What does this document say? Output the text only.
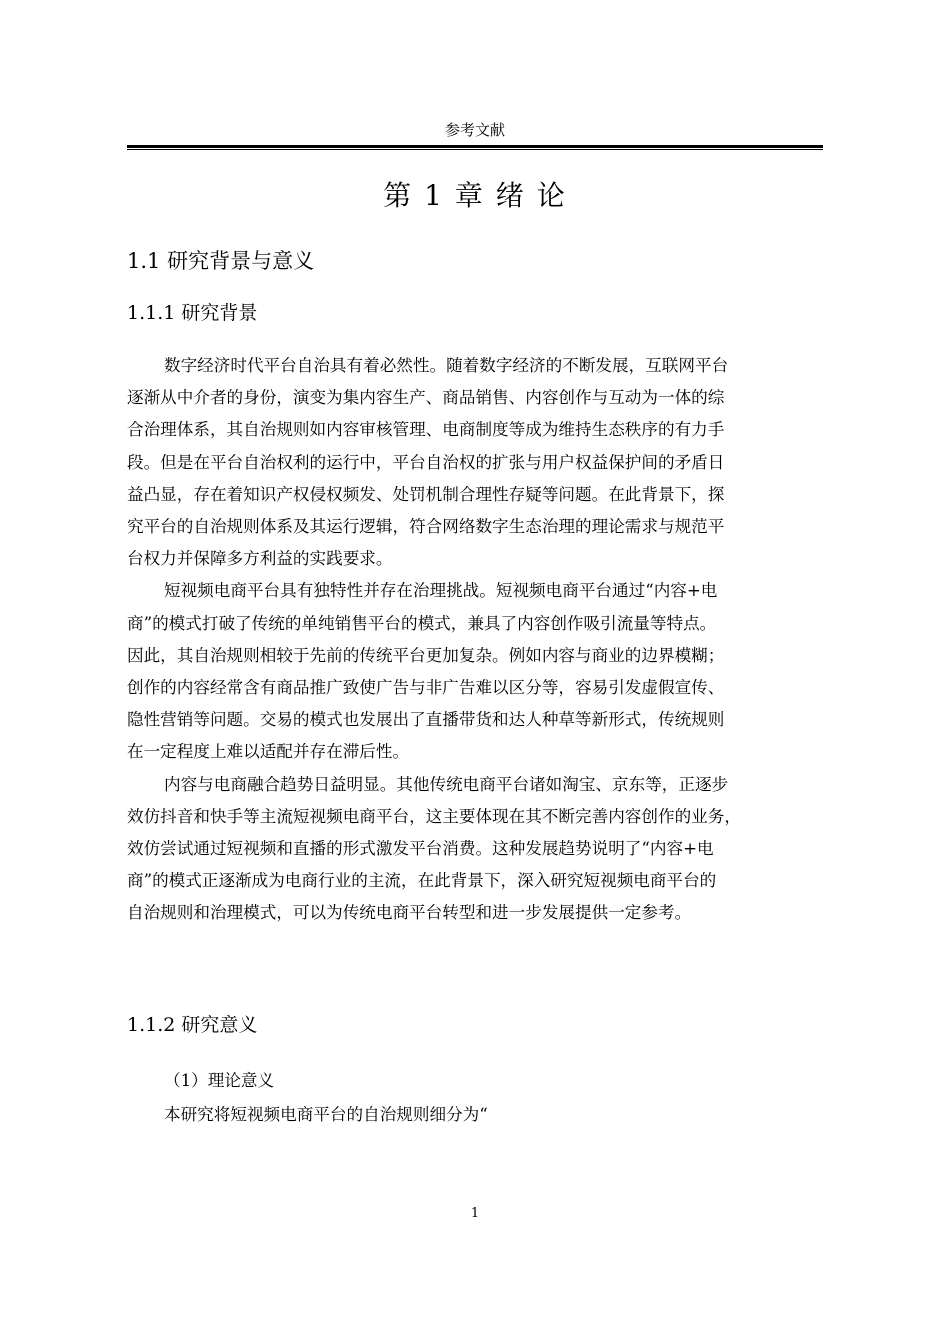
参考文献
第 1 章 绪 论
1.1 研究背景与意义
1.1.1 研究背景

数字经济时代平台自治具有着必然性。随着数字经济的不断发展，互联网平台
逐渐从中介者的身份，演变为集内容生产、商品销售、内容创作与互动为一体的综
合治理体系，其自治规则如内容审核管理、电商制度等成为维持生态秩序的有力手
段。但是在平台自治权利的运行中，平台自治权的扩张与用户权益保护间的矛盾日
益凸显，存在着知识产权侵权频发、处罚机制合理性存疑等问题。在此背景下，探
究平台的自治规则体系及其运行逻辑，符合网络数字生态治理的理论需求与规范平
台权力并保障多方利益的实践要求。

短视频电商平台具有独特性并存在治理挑战。短视频电商平台通过“内容+电
商”的模式打破了传统的单纯销售平台的模式，兼具了内容创作吸引流量等特点。
因此，其自治规则相较于先前的传统平台更加复杂。例如内容与商业的边界模糊；
创作的内容经常含有商品推广致使广告与非广告难以区分等，容易引发虚假宣传、
隐性营销等问题。交易的模式也发展出了直播带货和达人种草等新形式，传统规则
在一定程度上难以适配并存在滞后性。

内容与电商融合趋势日益明显。其他传统电商平台诸如淘宝、京东等，正逐步
效仿抖音和快手等主流短视频电商平台，这主要体现在其不断完善内容创作的业务，
效仿尝试通过短视频和直播的形式激发平台消费。这种发展趋势说明了“内容+电
商”的模式正逐渐成为电商行业的主流，在此背景下，深入研究短视频电商平台的
自治规则和治理模式，可以为传统电商平台转型和进一步发展提供一定参考。

1.1.2 研究意义
（1）理论意义
本研究将短视频电商平台的自治规则细分为“
1
